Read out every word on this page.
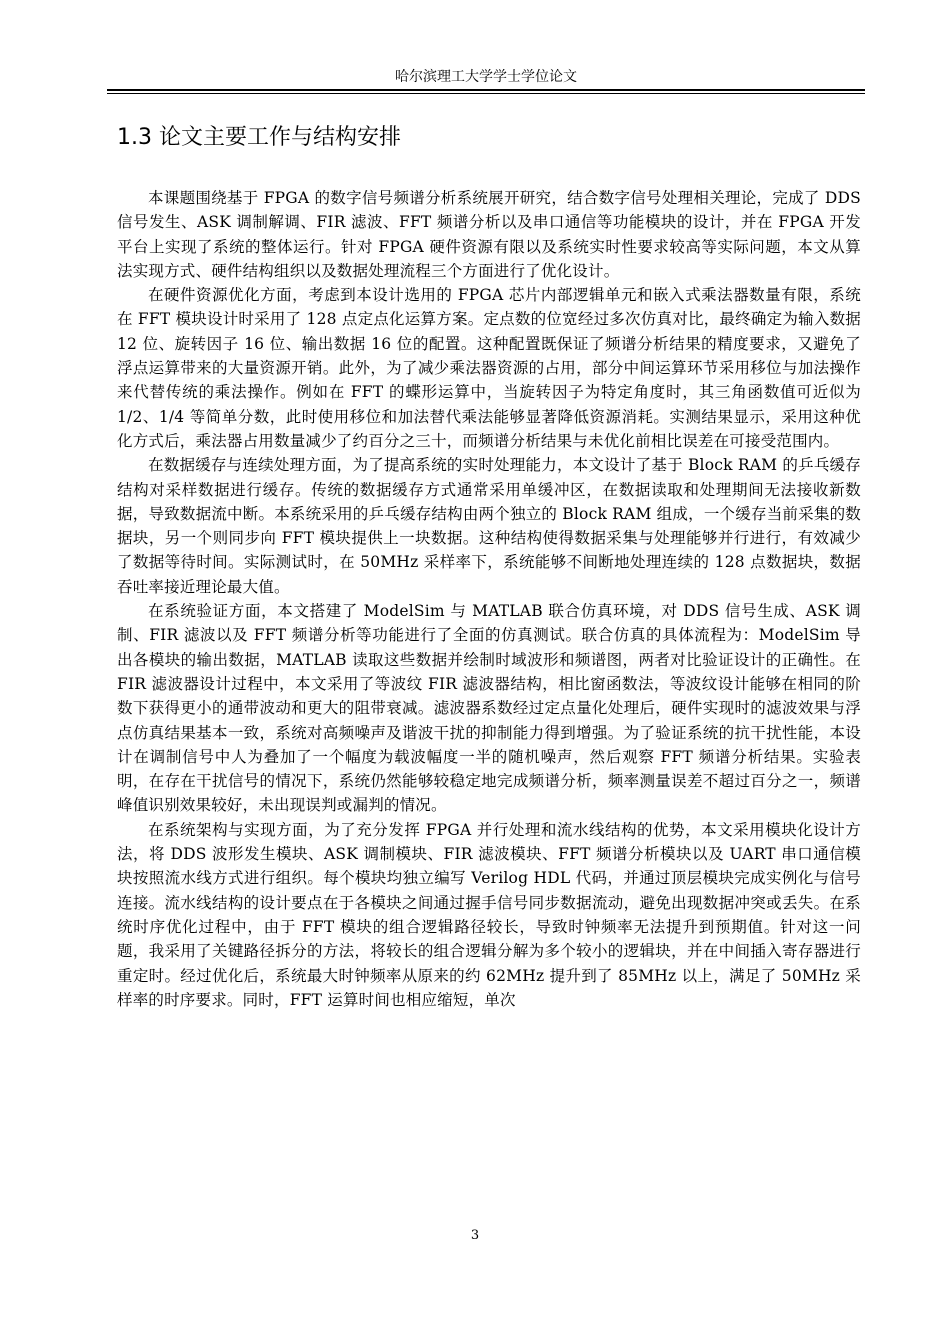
哈尔滨理工大学学士学位论文
1.3 论文主要工作与结构安排

本课题围绕基于 FPGA 的数字信号频谱分析系统展开研究，结合数字信号处理相关理论，完成了 DDS 信号发生、ASK 调制解调、FIR 滤波、FFT 频谱分析以及串口通信等功能模块的设计，并在 FPGA 开发平台上实现了系统的整体运行。针对 FPGA 硬件资源有限以及系统实时性要求较高等实际问题，本文从算法实现方式、硬件结构组织以及数据处理流程三个方面进行了优化设计。

在硬件资源优化方面，考虑到本设计选用的 FPGA 芯片内部逻辑单元和嵌入式乘法器数量有限，系统在 FFT 模块设计时采用了 128 点定点化运算方案。定点数的位宽经过多次仿真对比，最终确定为输入数据 12 位、旋转因子 16 位、输出数据 16 位的配置。这种配置既保证了频谱分析结果的精度要求，又避免了浮点运算带来的大量资源开销。此外，为了减少乘法器资源的占用，部分中间运算环节采用移位与加法操作来代替传统的乘法操作。例如在 FFT 的蝶形运算中，当旋转因子为特定角度时，其三角函数值可近似为 1/2、1/4 等简单分数，此时使用移位和加法替代乘法能够显著降低资源消耗。实测结果显示，采用这种优化方式后，乘法器占用数量减少了约百分之三十，而频谱分析结果与未优化前相比误差在可接受范围内。

在数据缓存与连续处理方面，为了提高系统的实时处理能力，本文设计了基于 Block RAM 的乒乓缓存结构对采样数据进行缓存。传统的数据缓存方式通常采用单缓冲区，在数据读取和处理期间无法接收新数据，导致数据流中断。本系统采用的乒乓缓存结构由两个独立的 Block RAM 组成，一个缓存当前采集的数据块，另一个则同步向 FFT 模块提供上一块数据。这种结构使得数据采集与处理能够并行进行，有效减少了数据等待时间。实际测试时，在 50MHz 采样率下，系统能够不间断地处理连续的 128 点数据块，数据吞吐率接近理论最大值。

在系统验证方面，本文搭建了 ModelSim 与 MATLAB 联合仿真环境，对 DDS 信号生成、ASK 调制、FIR 滤波以及 FFT 频谱分析等功能进行了全面的仿真测试。联合仿真的具体流程为：ModelSim 导出各模块的输出数据，MATLAB 读取这些数据并绘制时域波形和频谱图，两者对比验证设计的正确性。在 FIR 滤波器设计过程中，本文采用了等波纹 FIR 滤波器结构，相比窗函数法，等波纹设计能够在相同的阶数下获得更小的通带波动和更大的阻带衰减。滤波器系数经过定点量化处理后，硬件实现时的滤波效果与浮点仿真结果基本一致，系统对高频噪声及谐波干扰的抑制能力得到增强。为了验证系统的抗干扰性能，本设计在调制信号中人为叠加了一个幅度为载波幅度一半的随机噪声，然后观察 FFT 频谱分析结果。实验表明，在存在干扰信号的情况下，系统仍然能够较稳定地完成频谱分析，频率测量误差不超过百分之一，频谱峰值识别效果较好，未出现误判或漏判的情况。

在系统架构与实现方面，为了充分发挥 FPGA 并行处理和流水线结构的优势，本文采用模块化设计方法，将 DDS 波形发生模块、ASK 调制模块、FIR 滤波模块、FFT 频谱分析模块以及 UART 串口通信模块按照流水线方式进行组织。每个模块均独立编写 Verilog HDL 代码，并通过顶层模块完成实例化与信号连接。流水线结构的设计要点在于各模块之间通过握手信号同步数据流动，避免出现数据冲突或丢失。在系统时序优化过程中，由于 FFT 模块的组合逻辑路径较长，导致时钟频率无法提升到预期值。针对这一问题，我采用了关键路径拆分的方法，将较长的组合逻辑分解为多个较小的逻辑块，并在中间插入寄存器进行重定时。经过优化后，系统最大时钟频率从原来的约 62MHz 提升到了 85MHz 以上，满足了 50MHz 采样率的时序要求。同时，FFT 运算时间也相应缩短，单次

3
